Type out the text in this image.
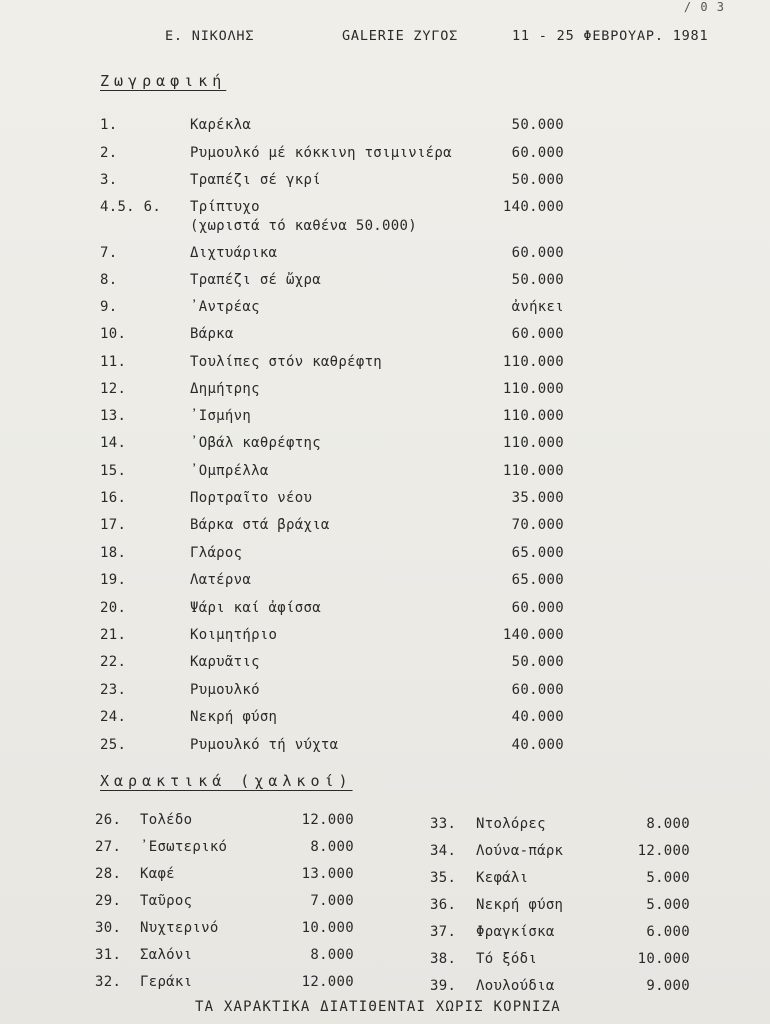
/ 0 3
Ε. ΝΙΚΟΛΗΣ	GALERIE ΖΥΓΟΣ	11 - 25 ΦΕΒΡΟΥΑΡ. 1981
Ζωγραφική
1.	Καρέκλα	50.000
2.	Ρυμουλκό μέ κόκκινη τσιμινιέρα	60.000
3.	Τραπέζι σέ γκρί	50.000
4.5. 6. Τρίπτυχο	140.000
(χωριστά τό καθένα 50.000)
7.	Διχτυάρικα	60.000
8.	Τραπέζι σέ ὤχρα	50.000
9.	᾿Αντρέας	ἀνήκει
10.	Βάρκα	60.000
11.	Τουλίπες στόν καθρέφτη	110.000
12.	Δημήτρης	110.000
13.	᾿Ισμήνη	110.000
14.	᾿Οβάλ καθρέφτης	110.000
15.	᾿Ομπρέλλα	110.000
16.	Πορτραῖτο νέου	35.000
17.	Βάρκα στά βράχια	70.000
18.	Γλάρος	65.000
19.	Λατέρνα	65.000
20.	Ψάρι καί ἀφίσσα	60.000
21.	Κοιμητήριο	140.000
22.	Καρυᾶτις	50.000
23.	Ρυμουλκό	60.000
24.	Νεκρή φύση	40.000
25.	Ρυμουλκό τή νύχτα	40.000
Χαρακτικά (χαλκοί)
26. Τολέδο	12.000
27. ᾿Εσωτερικό	8.000
28. Καφέ	13.000
29. Ταῦρος	7.000
30. Νυχτερινό	10.000
31. Σαλόνι	8.000
32. Γεράκι	12.000
33. Ντολόρες	8.000
34. Λούνα-πάρκ	12.000
35. Κεφάλι	5.000
36. Νεκρή φύση	5.000
37. Φραγκίσκα	6.000
38. Τό ξόδι	10.000
39. Λουλούδια	9.000
ΤΑ ΧΑΡΑΚΤΙΚΑ ΔΙΑΤΙΘΕΝΤΑΙ ΧΩΡΙΣ ΚΟΡΝΙΖΑ
